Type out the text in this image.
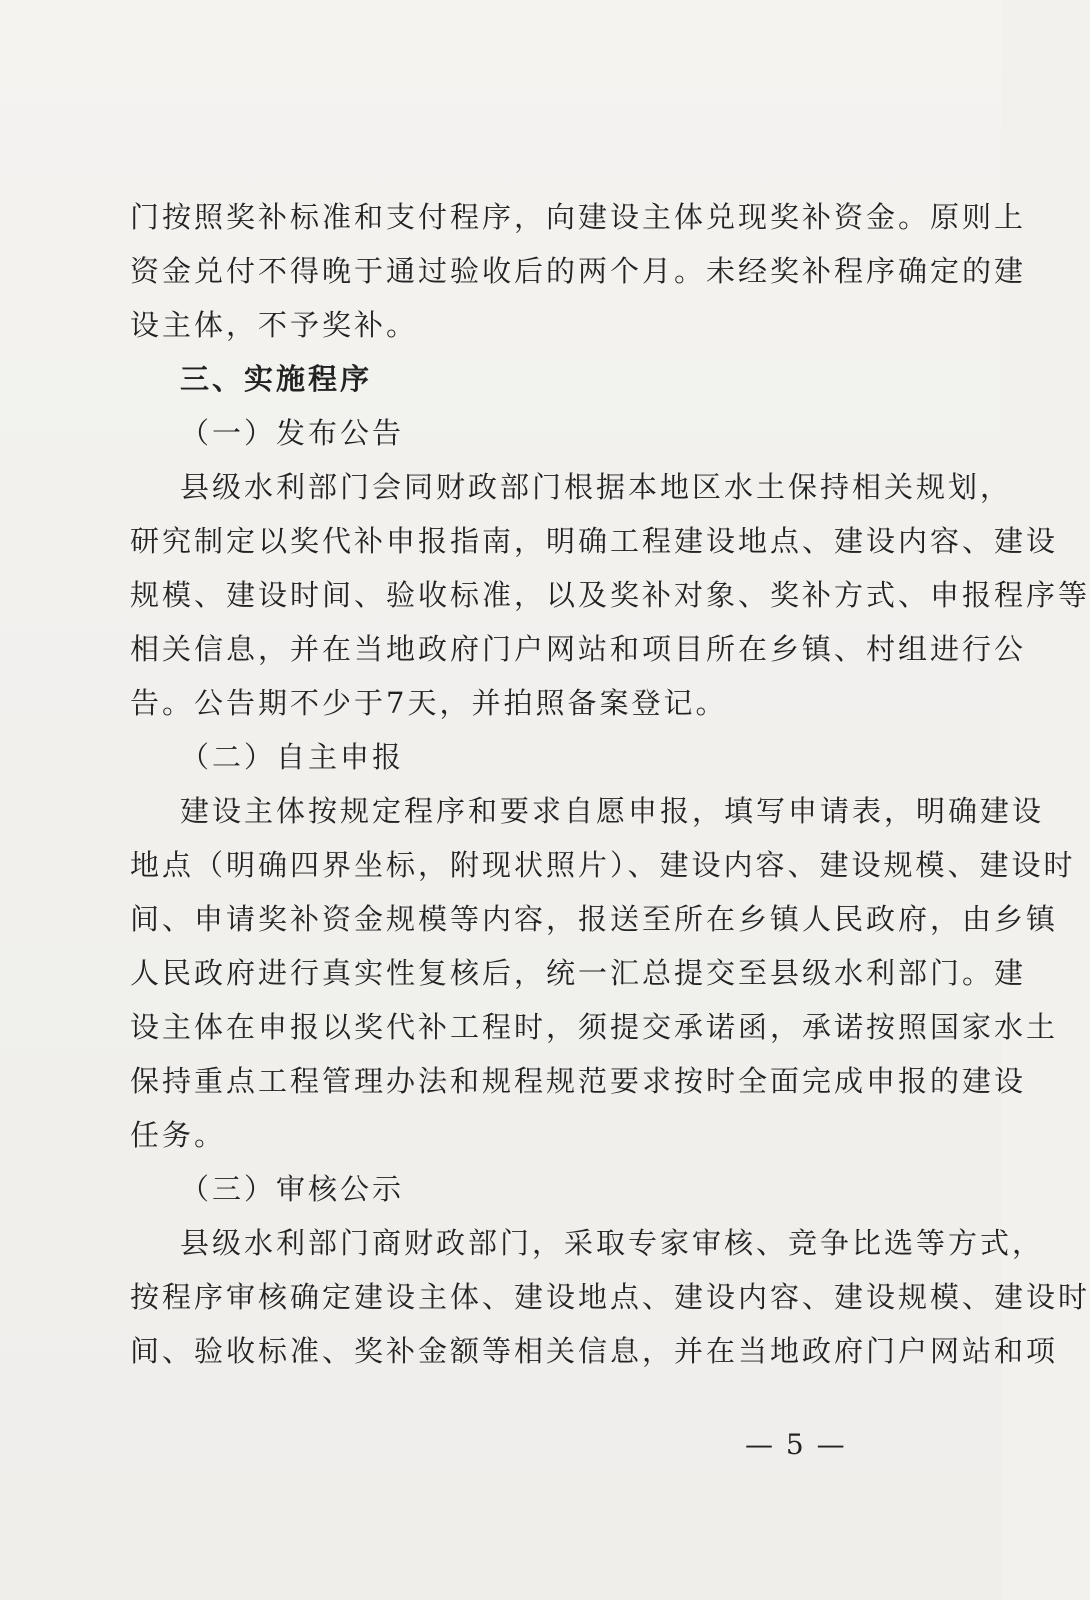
门按照奖补标准和支付程序，向建设主体兑现奖补资金。原则上
资金兑付不得晚于通过验收后的两个月。未经奖补程序确定的建
设主体，不予奖补。
三、实施程序
（一）发布公告
县级水利部门会同财政部门根据本地区水土保持相关规划，
研究制定以奖代补申报指南，明确工程建设地点、建设内容、建设
规模、建设时间、验收标准，以及奖补对象、奖补方式、申报程序等
相关信息，并在当地政府门户网站和项目所在乡镇、村组进行公
告。公告期不少于7天，并拍照备案登记。
（二）自主申报
建设主体按规定程序和要求自愿申报，填写申请表，明确建设
地点（明确四界坐标，附现状照片）、建设内容、建设规模、建设时
间、申请奖补资金规模等内容，报送至所在乡镇人民政府，由乡镇
人民政府进行真实性复核后，统一汇总提交至县级水利部门。建
设主体在申报以奖代补工程时，须提交承诺函，承诺按照国家水土
保持重点工程管理办法和规程规范要求按时全面完成申报的建设
任务。
（三）审核公示
县级水利部门商财政部门，采取专家审核、竞争比选等方式，
按程序审核确定建设主体、建设地点、建设内容、建设规模、建设时
间、验收标准、奖补金额等相关信息，并在当地政府门户网站和项
— 5 —
